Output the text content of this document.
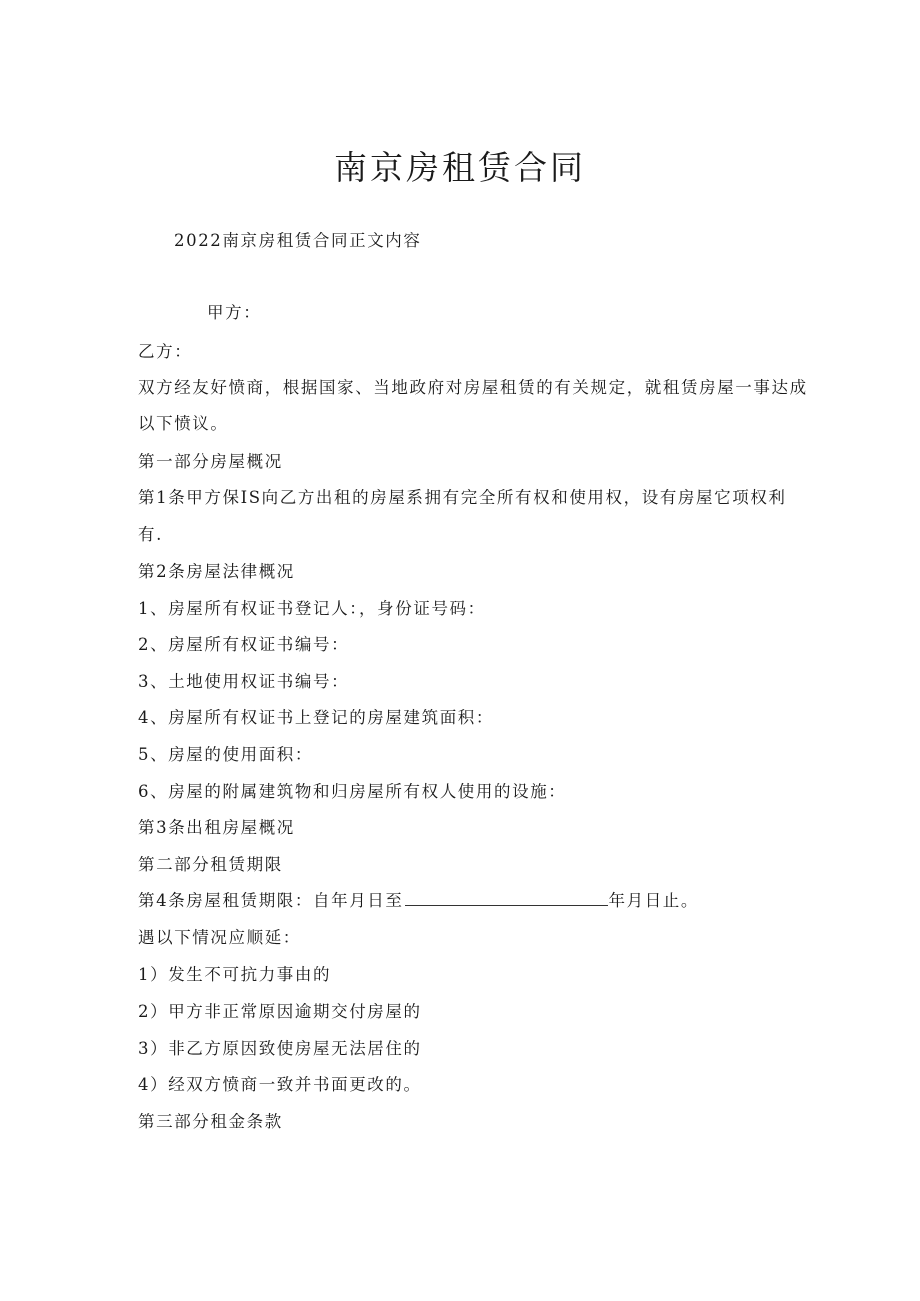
南京房租赁合同
2022南京房租赁合同正文内容
甲方：
乙方：
双方经友好愤商，根据国家、当地政府对房屋租赁的有关规定，就租赁房屋一事达成
以下愤议。
第一部分房屋概况
第1条甲方保IS向乙方出租的房屋系拥有完全所有权和使用权，设有房屋它项权利
有.
第2条房屋法律概况
1、房屋所有权证书登记人：，身份证号码：
2、房屋所有权证书编号：
3、土地使用权证书编号：
4、房屋所有权证书上登记的房屋建筑面积：
5、房屋的使用面积：
6、房屋的附属建筑物和归房屋所有权人使用的设施：
第3条出租房屋概况
第二部分租赁期限
第4条房屋租赁期限：自年月日至	年月日止。
遇以下情况应顺延：
1）发生不可抗力事由的
2）甲方非正常原因逾期交付房屋的
3）非乙方原因致使房屋无法居住的
4）经双方愤商一致并书面更改的。
第三部分租金条款
